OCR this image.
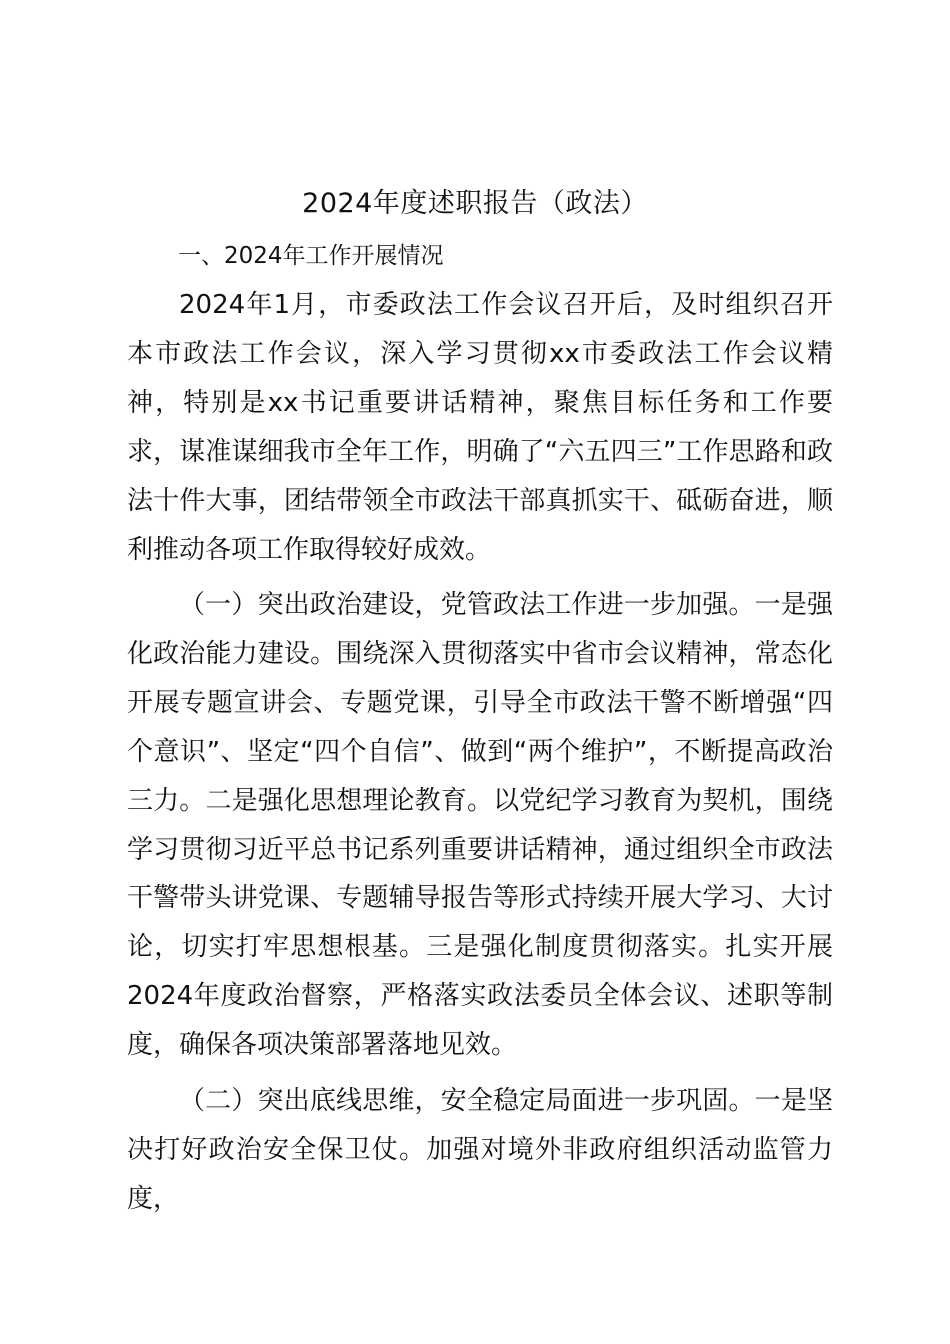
2024年度述职报告（政法）
一、2024年工作开展情况

2024年1月，市委政法工作会议召开后，及时组织召开本市政法工作会议，深入学习贯彻xx市委政法工作会议精神，特别是xx书记重要讲话精神，聚焦目标任务和工作要求，谋准谋细我市全年工作，明确了“六五四三”工作思路和政法十件大事，团结带领全市政法干部真抓实干、砥砺奋进，顺利推动各项工作取得较好成效。

（一）突出政治建设，党管政法工作进一步加强。一是强化政治能力建设。围绕深入贯彻落实中省市会议精神，常态化开展专题宣讲会、专题党课，引导全市政法干警不断增强“四个意识”、坚定“四个自信”、做到“两个维护”，不断提高政治三力。二是强化思想理论教育。以党纪学习教育为契机，围绕学习贯彻习近平总书记系列重要讲话精神，通过组织全市政法干警带头讲党课、专题辅导报告等形式持续开展大学习、大讨论，切实打牢思想根基。三是强化制度贯彻落实。扎实开展2024年度政治督察，严格落实政法委员全体会议、述职等制度，确保各项决策部署落地见效。

（二）突出底线思维，安全稳定局面进一步巩固。一是坚决打好政治安全保卫仗。加强对境外非政府组织活动监管力度，
